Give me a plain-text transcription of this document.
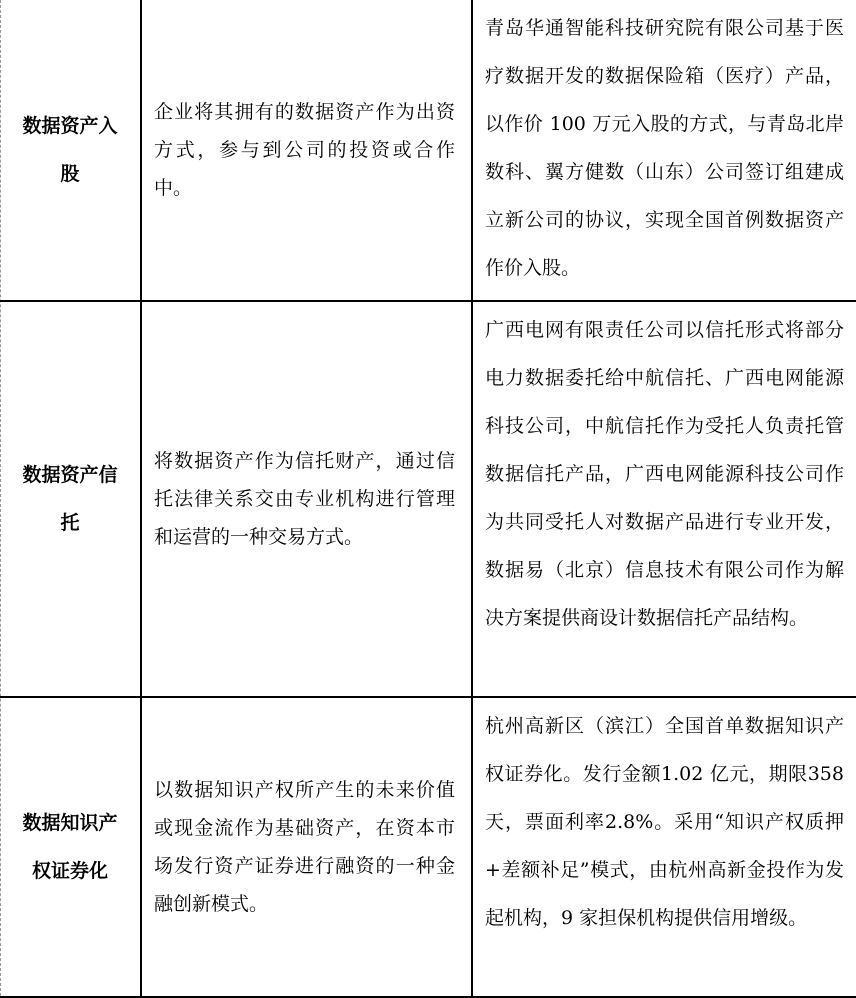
数据资产入股	企业将其拥有的数据资产作为出资方式，参与到公司的投资或合作中。	青岛华通智能科技研究院有限公司基于医疗数据开发的数据保险箱（医疗）产品，以作价 100 万元入股的方式，与青岛北岸数科、翼方健数（山东）公司签订组建成立新公司的协议，实现全国首例数据资产作价入股。

数据资产信托	将数据资产作为信托财产，通过信托法律关系交由专业机构进行管理和运营的一种交易方式。	广西电网有限责任公司以信托形式将部分电力数据委托给中航信托、广西电网能源科技公司，中航信托作为受托人负责托管数据信托产品，广西电网能源科技公司作为共同受托人对数据产品进行专业开发，数据易（北京）信息技术有限公司作为解决方案提供商设计数据信托产品结构。

数据知识产权证券化	以数据知识产权所产生的未来价值或现金流作为基础资产，在资本市场发行资产证券进行融资的一种金融创新模式。	杭州高新区（滨江）全国首单数据知识产权证券化。发行金额1.02 亿元，期限358 天，票面利率2.8%。采用“知识产权质押+差额补足”模式，由杭州高新金投作为发起机构，9 家担保机构提供信用增级。
